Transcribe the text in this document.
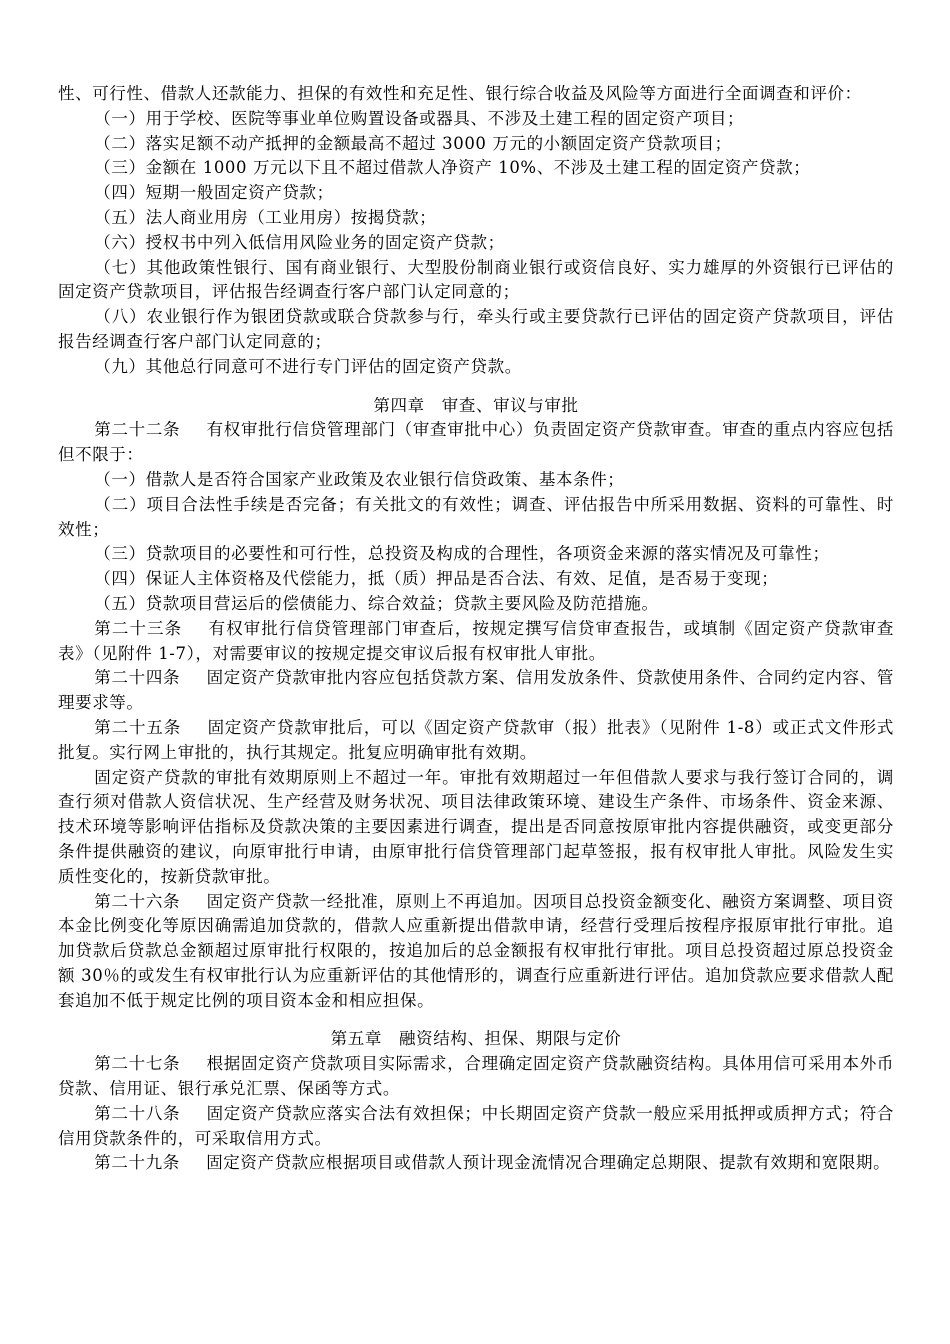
性、可行性、借款人还款能力、担保的有效性和充足性、银行综合收益及风险等方面进行全面调查和评价：

（一）用于学校、医院等事业单位购置设备或器具、不涉及土建工程的固定资产项目；

（二）落实足额不动产抵押的金额最高不超过 3000 万元的小额固定资产贷款项目；

（三）金额在 1000 万元以下且不超过借款人净资产 10%、不涉及土建工程的固定资产贷款；

（四）短期一般固定资产贷款；

（五）法人商业用房（工业用房）按揭贷款；

（六）授权书中列入低信用风险业务的固定资产贷款；

（七）其他政策性银行、国有商业银行、大型股份制商业银行或资信良好、实力雄厚的外资银行已评估的固定资产贷款项目，评估报告经调查行客户部门认定同意的；

（八）农业银行作为银团贷款或联合贷款参与行，牵头行或主要贷款行已评估的固定资产贷款项目，评估报告经调查行客户部门认定同意的；

（九）其他总行同意可不进行专门评估的固定资产贷款。

第四章　审查、审议与审批

第二十二条 有权审批行信贷管理部门（审查审批中心）负责固定资产贷款审查。审查的重点内容应包括但不限于：

（一）借款人是否符合国家产业政策及农业银行信贷政策、基本条件；

（二）项目合法性手续是否完备；有关批文的有效性；调查、评估报告中所采用数据、资料的可靠性、时效性；

（三）贷款项目的必要性和可行性，总投资及构成的合理性，各项资金来源的落实情况及可靠性；

（四）保证人主体资格及代偿能力，抵（质）押品是否合法、有效、足值，是否易于变现；

（五）贷款项目营运后的偿债能力、综合效益；贷款主要风险及防范措施。

第二十三条 有权审批行信贷管理部门审查后，按规定撰写信贷审查报告，或填制《固定资产贷款审查表》（见附件 1-7），对需要审议的按规定提交审议后报有权审批人审批。

第二十四条 固定资产贷款审批内容应包括贷款方案、信用发放条件、贷款使用条件、合同约定内容、管理要求等。

第二十五条 固定资产贷款审批后，可以《固定资产贷款审（报）批表》（见附件 1-8）或正式文件形式批复。实行网上审批的，执行其规定。批复应明确审批有效期。

固定资产贷款的审批有效期原则上不超过一年。审批有效期超过一年但借款人要求与我行签订合同的，调查行须对借款人资信状况、生产经营及财务状况、项目法律政策环境、建设生产条件、市场条件、资金来源、技术环境等影响评估指标及贷款决策的主要因素进行调查，提出是否同意按原审批内容提供融资，或变更部分条件提供融资的建议，向原审批行申请，由原审批行信贷管理部门起草签报，报有权审批人审批。风险发生实质性变化的，按新贷款审批。

第二十六条 固定资产贷款一经批准，原则上不再追加。因项目总投资金额变化、融资方案调整、项目资本金比例变化等原因确需追加贷款的，借款人应重新提出借款申请，经营行受理后按程序报原审批行审批。追加贷款后贷款总金额超过原审批行权限的，按追加后的总金额报有权审批行审批。项目总投资超过原总投资金额 30％的或发生有权审批行认为应重新评估的其他情形的，调查行应重新进行评估。追加贷款应要求借款人配套追加不低于规定比例的项目资本金和相应担保。

第五章　融资结构、担保、期限与定价

第二十七条 根据固定资产贷款项目实际需求，合理确定固定资产贷款融资结构。具体用信可采用本外币贷款、信用证、银行承兑汇票、保函等方式。

第二十八条 固定资产贷款应落实合法有效担保；中长期固定资产贷款一般应采用抵押或质押方式；符合信用贷款条件的，可采取信用方式。

第二十九条 固定资产贷款应根据项目或借款人预计现金流情况合理确定总期限、提款有效期和宽限期。
